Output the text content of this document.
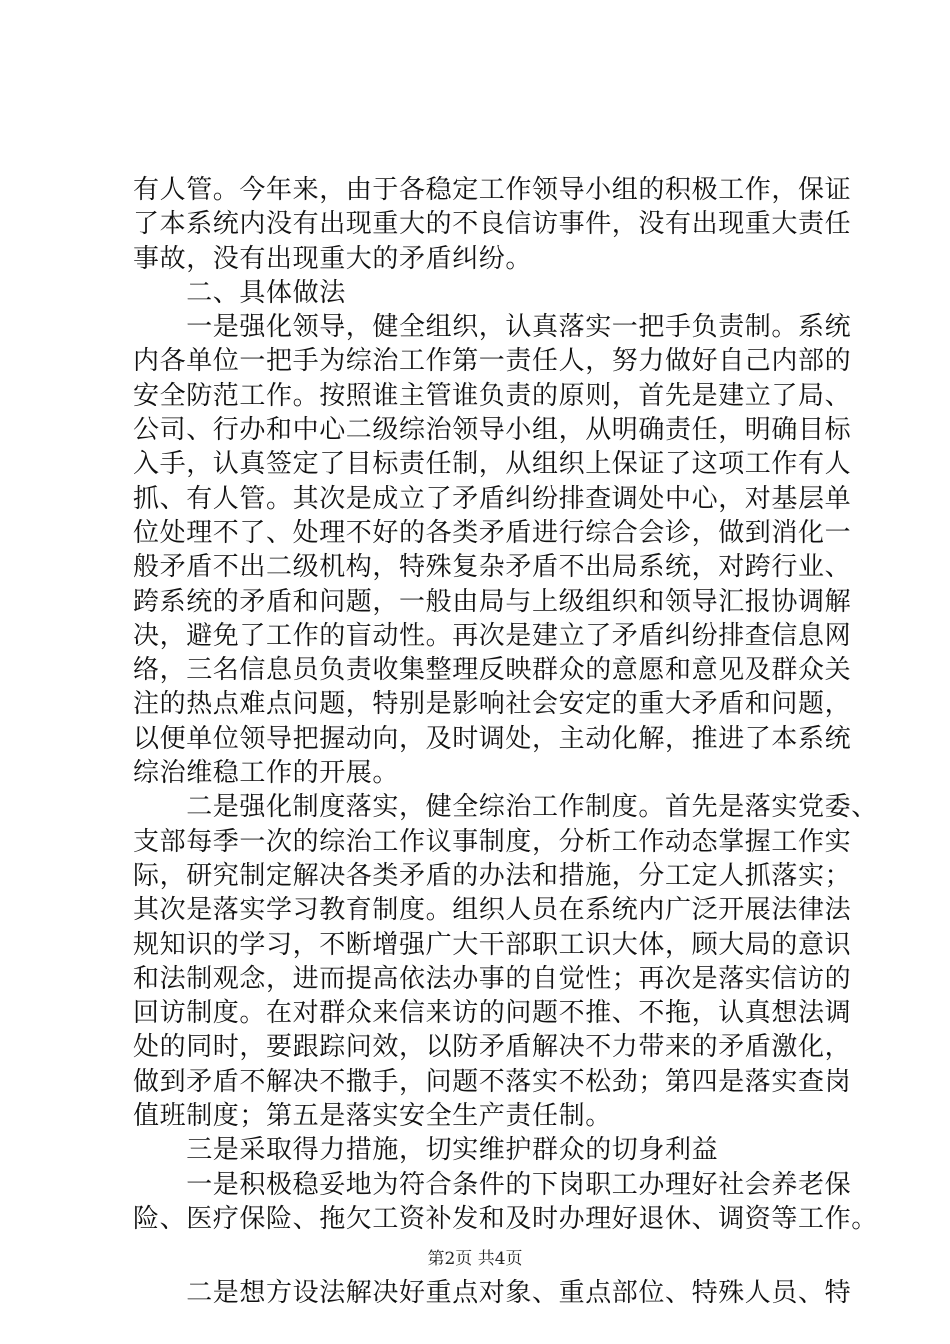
有人管。今年来，由于各稳定工作领导小组的积极工作，保证
了本系统内没有出现重大的不良信访事件，没有出现重大责任
事故，没有出现重大的矛盾纠纷。
　　二、具体做法
　　一是强化领导，健全组织，认真落实一把手负责制。系统
内各单位一把手为综治工作第一责任人，努力做好自己内部的
安全防范工作。按照谁主管谁负责的原则，首先是建立了局、
公司、行办和中心二级综治领导小组，从明确责任，明确目标
入手，认真签定了目标责任制，从组织上保证了这项工作有人
抓、有人管。其次是成立了矛盾纠纷排查调处中心，对基层单
位处理不了、处理不好的各类矛盾进行综合会诊，做到消化一
般矛盾不出二级机构，特殊复杂矛盾不出局系统，对跨行业、
跨系统的矛盾和问题，一般由局与上级组织和领导汇报协调解
决，避免了工作的盲动性。再次是建立了矛盾纠纷排查信息网
络，三名信息员负责收集整理反映群众的意愿和意见及群众关
注的热点难点问题，特别是影响社会安定的重大矛盾和问题，
以便单位领导把握动向，及时调处，主动化解，推进了本系统
综治维稳工作的开展。
　　二是强化制度落实，健全综治工作制度。首先是落实党委、
支部每季一次的综治工作议事制度，分析工作动态掌握工作实
际，研究制定解决各类矛盾的办法和措施，分工定人抓落实；
其次是落实学习教育制度。组织人员在系统内广泛开展法律法
规知识的学习，不断增强广大干部职工识大体，顾大局的意识
和法制观念，进而提高依法办事的自觉性；再次是落实信访的
回访制度。在对群众来信来访的问题不推、不拖，认真想法调
处的同时，要跟踪问效，以防矛盾解决不力带来的矛盾激化，
做到矛盾不解决不撒手，问题不落实不松劲；第四是落实查岗
值班制度；第五是落实安全生产责任制。
　　三是采取得力措施，切实维护群众的切身利益
　　一是积极稳妥地为符合条件的下岗职工办理好社会养老保
险、医疗保险、拖欠工资补发和及时办理好退休、调资等工作。
　　二是想方设法解决好重点对象、重点部位、特殊人员、特
第2页 共4页
